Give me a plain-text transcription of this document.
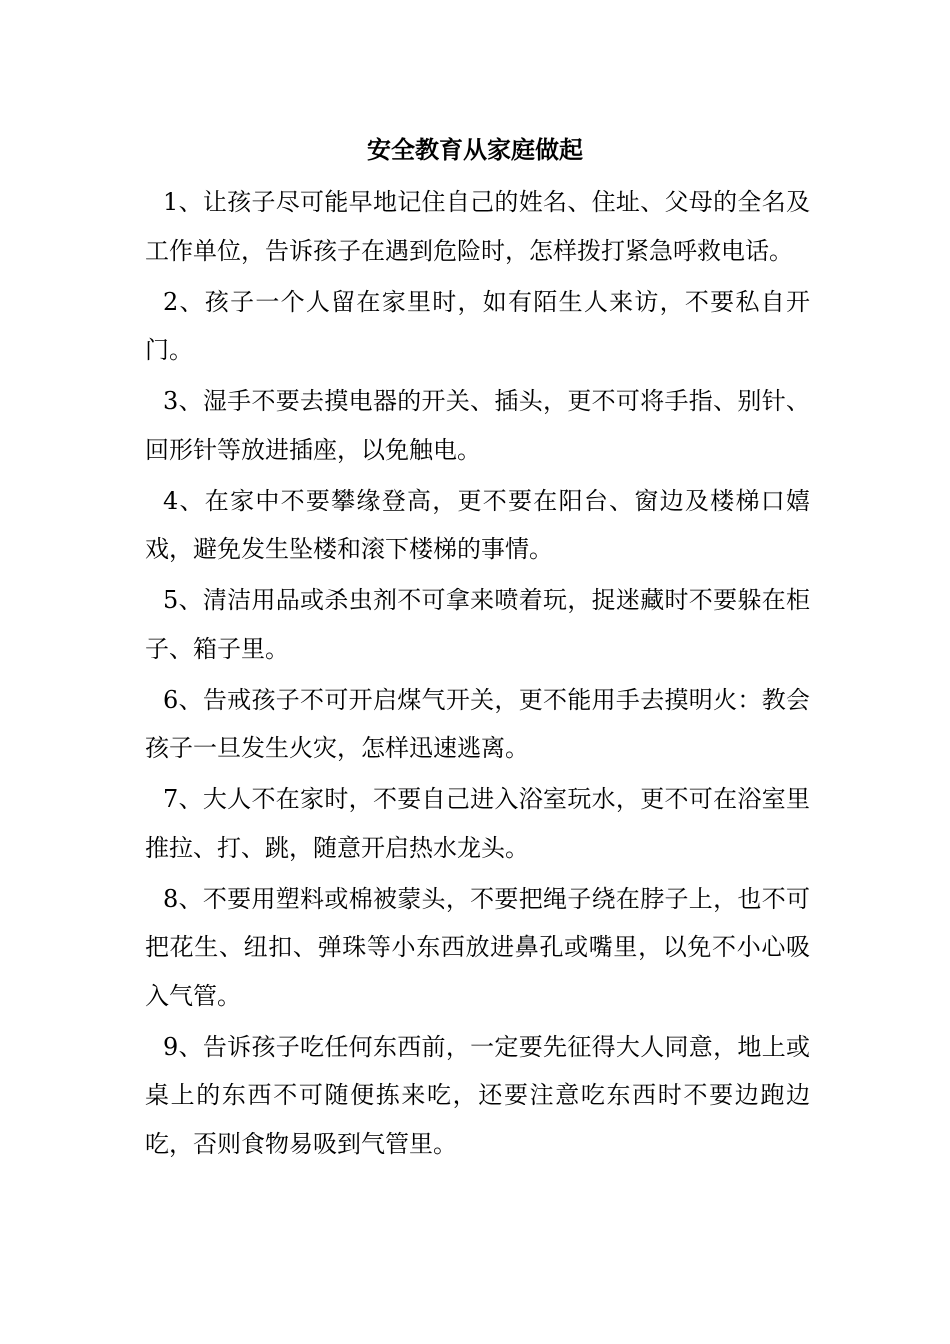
安全教育从家庭做起

1、让孩子尽可能早地记住自己的姓名、住址、父母的全名及工作单位，告诉孩子在遇到危险时，怎样拨打紧急呼救电话。

2、孩子一个人留在家里时，如有陌生人来访，不要私自开门。

3、湿手不要去摸电器的开关、插头，更不可将手指、别针、回形针等放进插座，以免触电。

4、在家中不要攀缘登高，更不要在阳台、窗边及楼梯口嬉戏，避免发生坠楼和滚下楼梯的事情。

5、清洁用品或杀虫剂不可拿来喷着玩，捉迷藏时不要躲在柜子、箱子里。

6、告戒孩子不可开启煤气开关，更不能用手去摸明火：教会孩子一旦发生火灾，怎样迅速逃离。

7、大人不在家时，不要自己进入浴室玩水，更不可在浴室里推拉、打、跳，随意开启热水龙头。

8、不要用塑料或棉被蒙头，不要把绳子绕在脖子上，也不可把花生、纽扣、弹珠等小东西放进鼻孔或嘴里，以免不小心吸入气管。

9、告诉孩子吃任何东西前，一定要先征得大人同意，地上或桌上的东西不可随便拣来吃，还要注意吃东西时不要边跑边吃，否则食物易吸到气管里。
